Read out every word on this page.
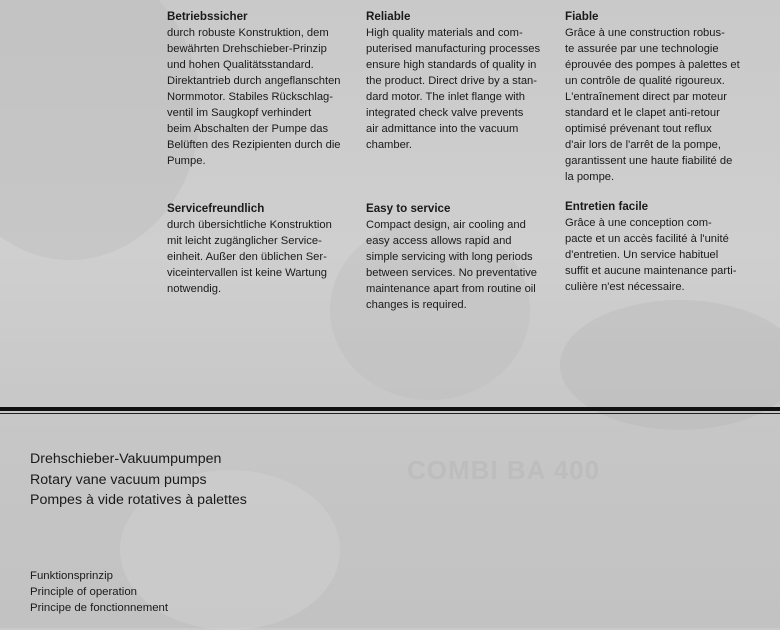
COMBI BA 400
Betriebssicher

durch robuste Konstruktion, dem

bewährten Drehschieber-Prinzip

und hohen Qualitätsstandard.

Direktantrieb durch angeflanschten

Normmotor. Stabiles Rückschlag-

ventil im Saugkopf verhindert

beim Abschalten der Pumpe das

Belüften des Rezipienten durch die

Pumpe.

Reliable

High quality materials and com-

puterised manufacturing processes

ensure high standards of quality in

the product. Direct drive by a stan-

dard motor. The inlet flange with

integrated check valve prevents

air admittance into the vacuum

chamber.

Fiable

Grâce à une construction robus-

te assurée par une technologie

éprouvée des pompes à palettes et

un contrôle de qualité rigoureux.

L'entraînement direct par moteur

standard et le clapet anti-retour

optimisé prévenant tout reflux

d'air lors de l'arrêt de la pompe,

garantissent une haute fiabilité de

la pompe.

Servicefreundlich

durch übersichtliche Konstruktion

mit leicht zugänglicher Service-

einheit. Außer den üblichen Ser-

viceintervallen ist keine Wartung

notwendig.

Easy to service

Compact design, air cooling and

easy access allows rapid and

simple servicing with long periods

between services. No preventative

maintenance apart from routine oil

changes is required.

Entretien facile

Grâce à une conception com-

pacte et un accès facilité à l'unité

d'entretien. Un service habituel

suffit et aucune maintenance parti-

culière n'est nécessaire.

Drehschieber-Vakuumpumpen
Rotary vane vacuum pumps
Pompes à vide rotatives à palettes
Funktionsprinzip
Principle of operation
Principe de fonctionnement
